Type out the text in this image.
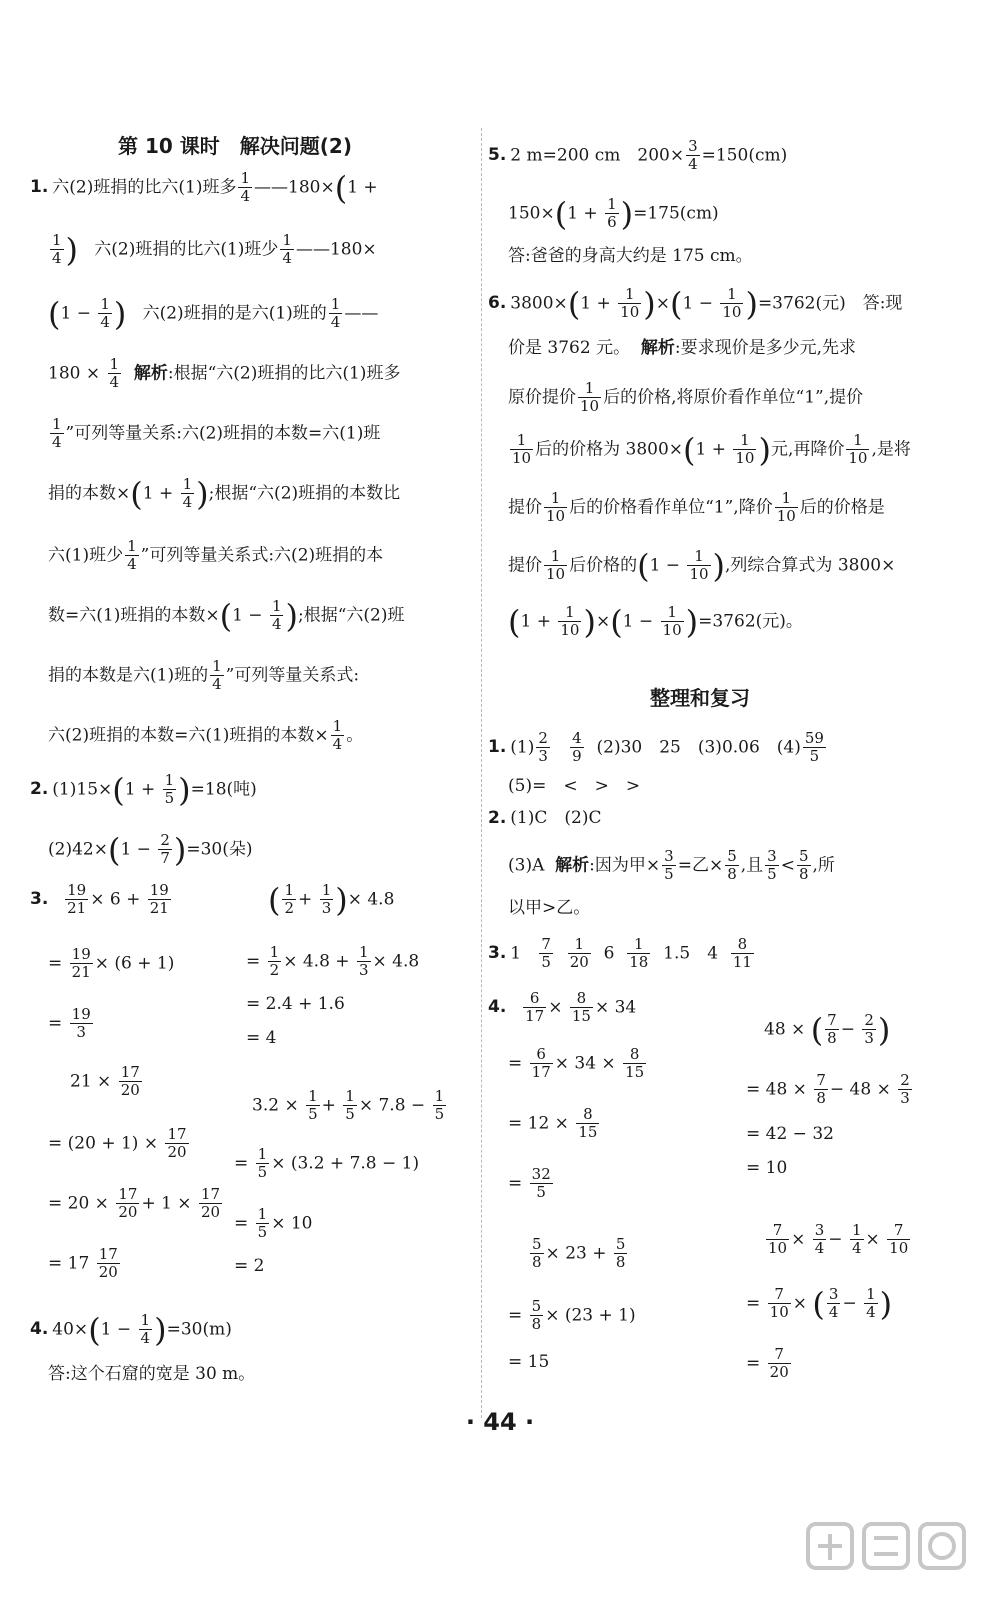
第 10 课时　解决问题(2)
1. 六(2)班捐的比六(1)班多 $\frac{1}{4}$ ——180×(1 +
$\frac{1}{4}$ ) 六(2)班捐的比六(1)班少 $\frac{1}{4}$ ——180×
($1 - \frac{1}{4}$ ) 六(2)班捐的是六(1)班的 $\frac{1}{4}$ ——
$180 \times \frac{1}{4}$ 解析:根据“六(2)班捐的比六(1)班多
$\frac{1}{4}$ ”可列等量关系:六(2)班捐的本数=六(1)班
捐的本数$\times(1 + \frac{1}{4}$ );根据“六(2)班捐的本数比
六(1)班少 $\frac{1}{4}$ ”可列等量关系式:六(2)班捐的本
数=六(1)班捐的本数$\times(1 - \frac{1}{4}$ );根据“六(2)班
捐的本数是六(1)班的 $\frac{1}{4}$ ”可列等量关系式:
六(2)班捐的本数=六(1)班捐的本数× $\frac{1}{4}$ 。
2. $(1)15\times(1 + \frac{1}{5} )=18$(吨)
$(2)42\times(1 - \frac{2}{7} )=30$(朵)
3. $\frac{19}{21} \times 6 + \frac{19}{21}$
= $\frac{19}{21} \times (6 + 1)$
= $\frac{19}{3}$
( $\frac{1}{2} + \frac{1}{3}$ )× 4.8
= $\frac{1}{2} \times 4.8 + \frac{1}{3} \times 4.8$
= 2.4 + 1.6
= 4
$21 \times \frac{17}{20}$
= $(20 + 1) \times \frac{17}{20}$
= $20 \times \frac{17}{20} + 1 \times \frac{17}{20}$
= $17 \frac{17}{20}$
$3.2 \times \frac{1}{5} + \frac{1}{5} \times 7.8 - \frac{1}{5}$
= $\frac{1}{5} \times (3.2 + 7.8 - 1)$
= $\frac{1}{5} \times 10$
= 2
4. $40\times(1 - \frac{1}{4} )=30(m)$
答:这个石窟的宽是 30 m。
5. 2 m=200 cm　$200\times \frac{3}{4} =150(cm)$
$150\times(1 + \frac{1}{6} )=175(cm)$
答:爸爸的身高大约是 175 cm。
6. $3800\times(1 + \frac{1}{10} )\times(1 - \frac{1}{10} )=3762$(元)　答:现
价是 3762 元。 解析:要求现价是多少元,先求
原价提价 $\frac{1}{10}$ 后的价格,将原价看作单位“1”,提价
$\frac{1}{10}$ 后的价格为 $3800\times(1 + \frac{1}{10}$ )元,再降价 $\frac{1}{10}$ ,是将
提价 $\frac{1}{10}$ 后的价格看作单位“1”,降价 $\frac{1}{10}$ 后的价格是
提价 $\frac{1}{10}$ 后价格的($1 - \frac{1}{10}$ ),列综合算式为 3800×
$(1 + \frac{1}{10} )\times(1 - \frac{1}{10} )=3762$(元)。
整理和复习
1. $(1) \frac{2}{3}$
$\frac{4}{9} (2)30$　25　(3)0.06　$(4) \frac{59}{5}$
(5)=　<　>　>
2. (1)C　(2)C
(3)A 解析:因为甲× $\frac{3}{5}$ =乙× $\frac{5}{8}$ ,且 $\frac{3}{5} < \frac{5}{8}$ ,所
以甲>乙。
3. $1 \frac{7}{5}$
$\frac{1}{20} 6 \frac{1}{18} 1.5$　$4 \frac{8}{11}$
4. $\frac{6}{17} \times \frac{8}{15} \times 34$
= $\frac{6}{17} \times 34 \times \frac{8}{15}$
= $12 \times \frac{8}{15}$
= $\frac{32}{5}$
48 × ( $\frac{7}{8} - \frac{2}{3}$ )
= $48 \times \frac{7}{8} - 48 \times \frac{2}{3}$
= 42 − 32
= 10
$\frac{5}{8} \times 23 + \frac{5}{8}$
= $\frac{5}{8} \times (23 + 1)$
= 15
$\frac{7}{10} \times \frac{3}{4} - \frac{1}{4} \times \frac{7}{10}$
= $\frac{7}{10}$ × ( $\frac{3}{4} - \frac{1}{4}$ )
= $\frac{7}{20}$
· 44 ·
